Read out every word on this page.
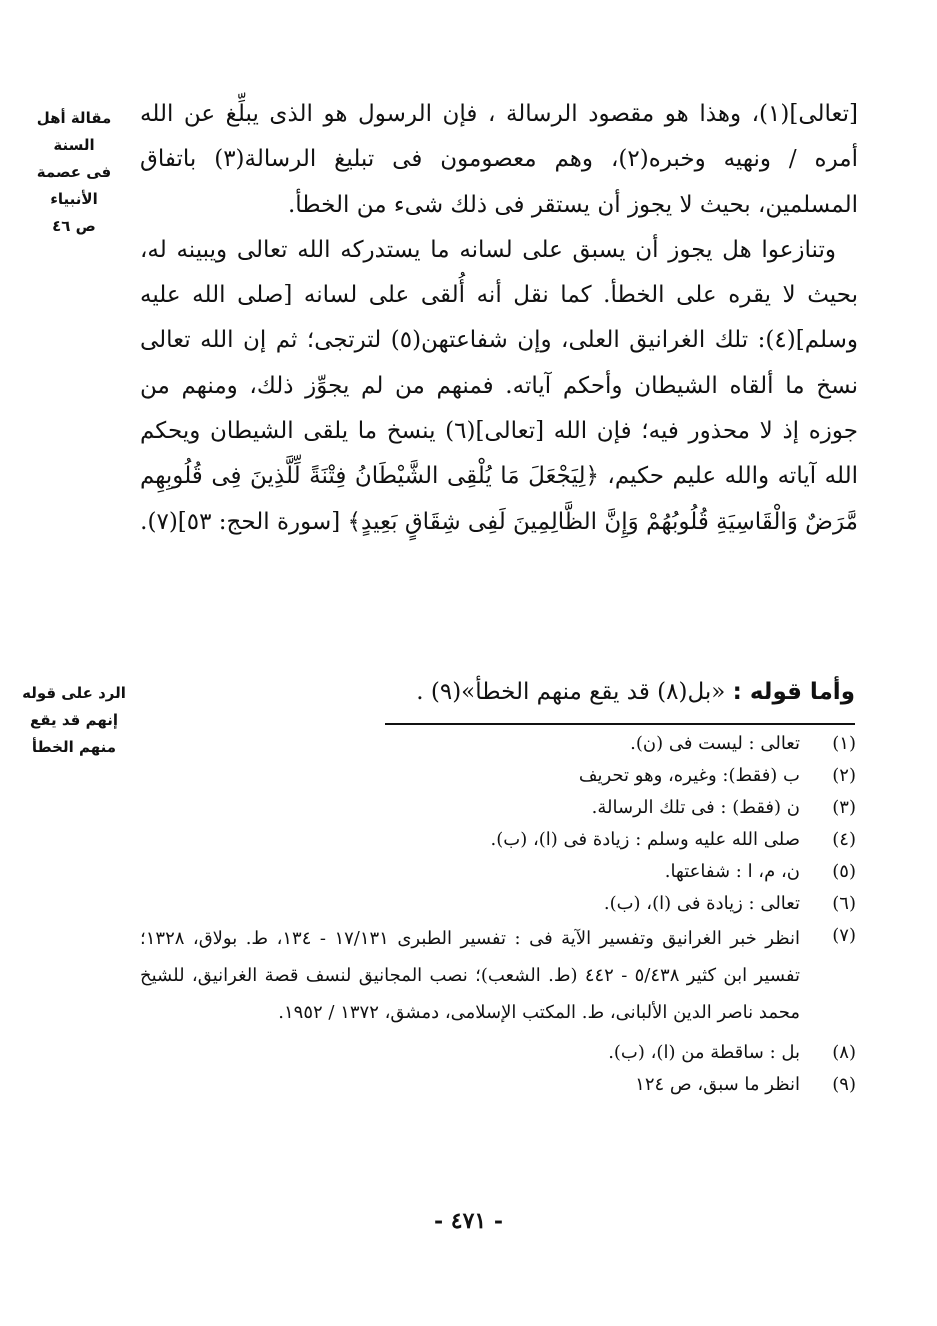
مقالة أهل السنة
فى عصمة الأنبياء
ص ٤٦

[تعالى](١)، وهذا هو مقصود الرسالة ، فإن الرسول هو الذى يبلِّغ عن الله أمره / ونهيه وخبره(٢)، وهم معصومون فى تبليغ الرسالة(٣) باتفاق المسلمين، بحيث لا يجوز أن يستقر فى ذلك شىء من الخطأ.

وتنازعوا هل يجوز أن يسبق على لسانه ما يستدركه الله تعالى ويبينه له، بحيث لا يقره على الخطأ. كما نقل أنه أُلقى على لسانه [صلى الله عليه وسلم](٤): تلك الغرانيق العلى، وإن شفاعتهن(٥) لترتجى؛ ثم إن الله تعالى نسخ ما ألقاه الشيطان وأحكم آياته. فمنهم من لم يجوِّز ذلك، ومنهم من جوزه إذ لا محذور فيه؛ فإن الله [تعالى](٦) ينسخ ما يلقى الشيطان ويحكم الله آياته والله عليم حكيم، ﴿لِيَجْعَلَ مَا يُلْقِى الشَّيْطَانُ فِتْنَةً لِّلَّذِينَ فِى قُلُوبِهِم مَّرَضٌ وَالْقَاسِيَةِ قُلُوبُهُمْ وَإِنَّ الظَّالِمِينَ لَفِى شِقَاقٍ بَعِيدٍ﴾ [سورة الحج: ٥٣](٧).

الرد على قوله
إنهم قد يقع
منهم الخطأ
وأما قوله : «بل(٨) قد يقع منهم الخطأ»(٩) .
(١)
تعالى : ليست فى (ن).
(٢)
ب (فقط): وغيره، وهو تحريف
(٣)
ن (فقط) : فى تلك الرسالة.
(٤)
صلى الله عليه وسلم : زيادة فى (ا)، (ب).
(٥)
ن، م، ا : شفاعتها.
(٦)
تعالى : زيادة فى (ا)، (ب).
(٧)
انظر خبر الغرانيق وتفسير الآية فى : تفسير الطبرى ١٧/١٣١ - ١٣٤، ط. بولاق، ١٣٢٨؛ تفسير ابن كثير ٥/٤٣٨ - ٤٤٢ (ط. الشعب)؛ نصب المجانيق لنسف قصة الغرانيق، للشيخ محمد ناصر الدين الألبانى، ط. المكتب الإسلامى، دمشق، ١٣٧٢ / ١٩٥٢.
(٨)
بل : ساقطة من (ا)، (ب).
(٩)
انظر ما سبق، ص ١٢٤
- ٤٧١ -
